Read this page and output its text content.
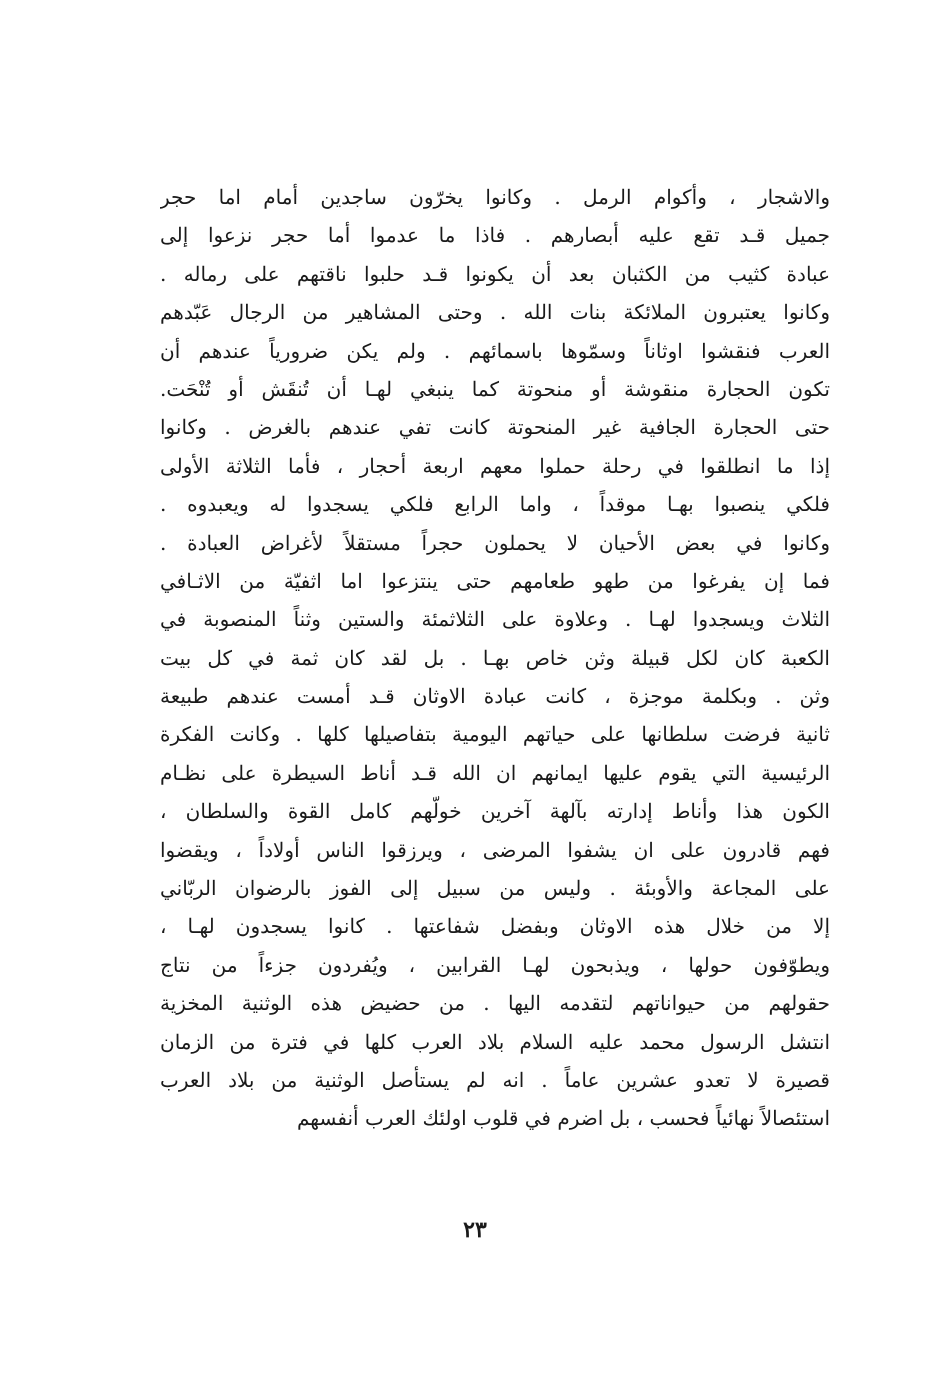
والاشجار ، وأكوام الرمل . وكانوا يخرّون ساجدين أمام اما حجر
جميل قـد تقع عليه أبصارهم . فاذا ما عدموا أما حجر نزعوا إلى
عبادة كثيب من الكثبان بعد أن يكونوا قـد حلبوا ناقتهم على رماله .
وكانوا يعتبرون الملائكة بنات الله . وحتى المشاهير من الرجال عَبّدهم
العرب فنقشوا اوثاناً وسمّوها باسمائهم . ولم يكن ضرورياً عندهم أن
تكون الحجارة منقوشة أو منحوتة كما ينبغي لهـا أن تُنقَش أو تُنْحَت.
حتى الحجارة الجافية غير المنحوتة كانت تفي عندهم بالغرض . وكانوا
إذا ما انطلقوا في رحلة حملوا معهم اربعة أحجار ، فأما الثلاثة الأولى
فلكي ينصبوا بهـا موقداً ، واما الرابع فلكي يسجدوا له ويعبدوه .
وكانوا في بعض الأحيان لا يحملون حجراً مستقلاً لأغراض العبادة .
فما إن يفرغوا من طهو طعامهم حتى ينتزعوا اما اثفيّة من الاثـافي
الثلاث ويسجدوا لهـا . وعلاوة على الثلاثمئة والستين وثناً المنصوبة في
الكعبة كان لكل قبيلة وثن خاص بهـا . بل لقد كان ثمة في كل بيت
وثن . وبكلمة موجزة ، كانت عبادة الاوثان قـد أمست عندهم طبيعة
ثانية فرضت سلطانها على حياتهم اليومية بتفاصيلها كلها . وكانت الفكرة
الرئيسية التي يقوم عليها ايمانهم ان الله قـد أناط السيطرة على نظـام
الكون هذا وأناط إدارته بآلهة آخرين خولّهم كامل القوة والسلطان ،
فهم قادرون على ان يشفوا المرضى ، ويرزقوا الناس أولاداً ، ويقضوا
على المجاعة والأوبئة . وليس من سبيل إلى الفوز بالرضوان الربّاني
إلا من خلال هذه الاوثان وبفضل شفاعتها . كانوا يسجدون لهـا ،
ويطوّفون حولها ، ويذبحون لهـا القرابين ، ويُفردون جزءاً من نتاج
حقولهم من حيواناتهم لتقدمه اليها . من حضيض هذه الوثنية المخزية
انتشل الرسول محمد عليه السلام بلاد العرب كلها في فترة من الزمان
قصيرة لا تعدو عشرين عاماً . انه لم يستأصل الوثنية من بلاد العرب
استئصالاً نهائياً فحسب ، بل اضرم في قلوب اولئك العرب أنفسهم
٢٣
